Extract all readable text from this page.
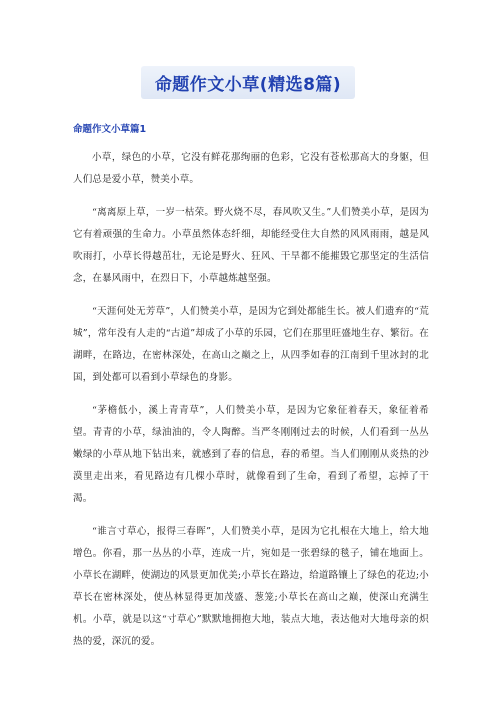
命题作文小草(精选8篇)
命题作文小草篇1

小草，绿色的小草，它没有鲜花那绚丽的色彩，它没有苍松那高大的身躯，但人们总是爱小草，赞美小草。

“离离原上草，一岁一枯荣。野火烧不尽，春风吹又生。”人们赞美小草，是因为它有着顽强的生命力。小草虽然体态纤细，却能经受住大自然的风风雨雨，越是风吹雨打，小草长得越茁壮，无论是野火、狂风、干旱都不能摧毁它那坚定的生活信念，在暴风雨中，在烈日下，小草越炼越坚强。

“天涯何处无芳草”，人们赞美小草，是因为它到处都能生长。被人们遗弃的“荒城”，常年没有人走的“古道”却成了小草的乐园，它们在那里旺盛地生存、繁衍。在湖畔，在路边，在密林深处，在高山之巅之上，从四季如春的江南到千里冰封的北国，到处都可以看到小草绿色的身影。

“茅檐低小，溪上青青草”，人们赞美小草，是因为它象征着春天，象征着希望。青青的小草，绿油油的，令人陶醉。当严冬刚刚过去的时候，人们看到一丛丛嫩绿的小草从地下钻出来，就感到了春的信息，春的希望。当人们刚刚从炎热的沙漠里走出来，看见路边有几棵小草时，就像看到了生命，看到了希望，忘掉了干渴。

“谁言寸草心，报得三春晖”，人们赞美小草，是因为它扎根在大地上，给大地增色。你看，那一丛丛的小草，连成一片，宛如是一张碧绿的毯子，铺在地面上。小草长在湖畔，使湖边的风景更加优美;小草长在路边，给道路镶上了绿色的花边;小草长在密林深处，使丛林显得更加茂盛、葱笼;小草长在高山之巅，使深山充满生机。小草，就是以这“寸草心”默默地拥抱大地，装点大地，表达他对大地母亲的炽热的爱，深沉的爱。
